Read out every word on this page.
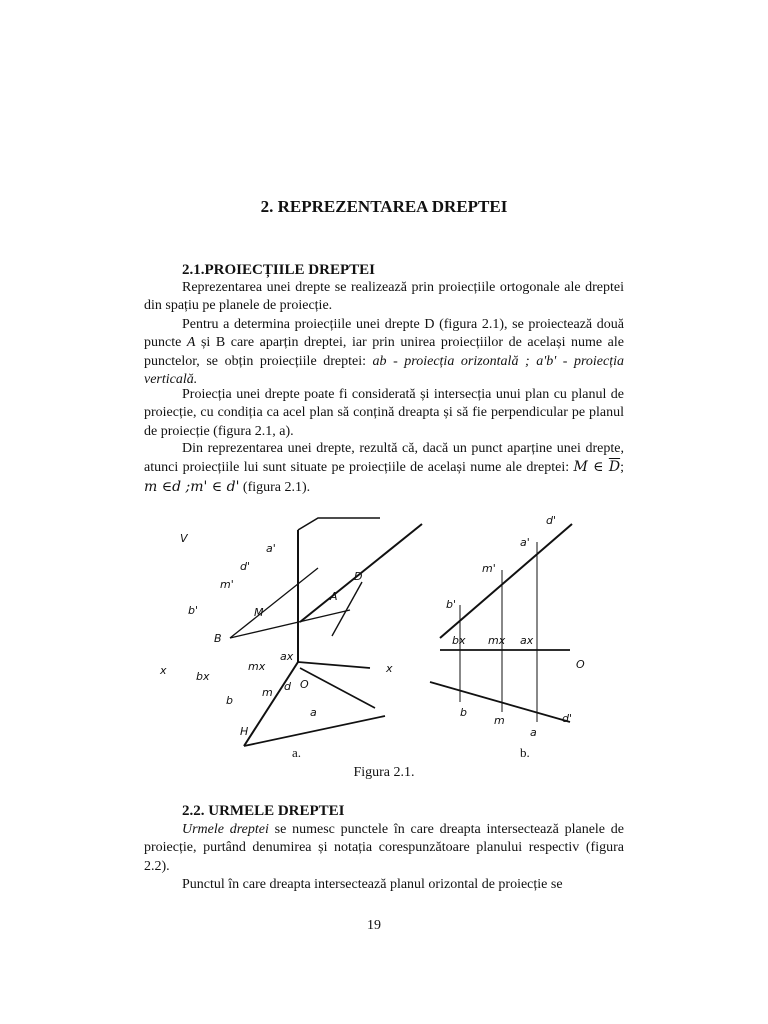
2. REPREZENTAREA DREPTEI
2.1.PROIECȚIILE DREPTEI
Reprezentarea unei drepte se realizează prin proiecțiile ortogonale ale dreptei din spațiu pe planele de proiecție.
Pentru a determina proiecțiile unei drepte D (figura 2.1), se proiectează două puncte A și B care aparțin dreptei, iar prin unirea proiecțiilor de același nume ale punctelor, se obțin proiecțiile dreptei: ab - proiecția orizontală ; a'b' - proiecția verticală.
Proiecția unei drepte poate fi considerată și intersecția unui plan cu planul de proiecție, cu condiția ca acel plan să conțină dreapta și să fie perpendicular pe planul de proiecție (figura 2.1, a).
Din reprezentarea unei drepte, rezultă că, dacă un punct aparține unei drepte, atunci proiecțiile lui sunt situate pe proiecțiile de același nume ale dreptei: M ∈ $\overline{D}$; m ∈d ;m' ∈ d' (figura 2.1).
V
H
x
O
D
A
B
M
a'
d'
m'
b'
bx
mx
ax
b
m d
a
d'
a'
m'
b'
bx mx ax
x	O
b
m
a
d'
a.	b.
Figura 2.1.
2.2. URMELE DREPTEI
Urmele dreptei se numesc punctele în care dreapta intersectează planele de proiecție, purtând denumirea și notația corespunzătoare planului respectiv (figura 2.2).
Punctul în care dreapta intersectează planul orizontal de proiecție se
19
